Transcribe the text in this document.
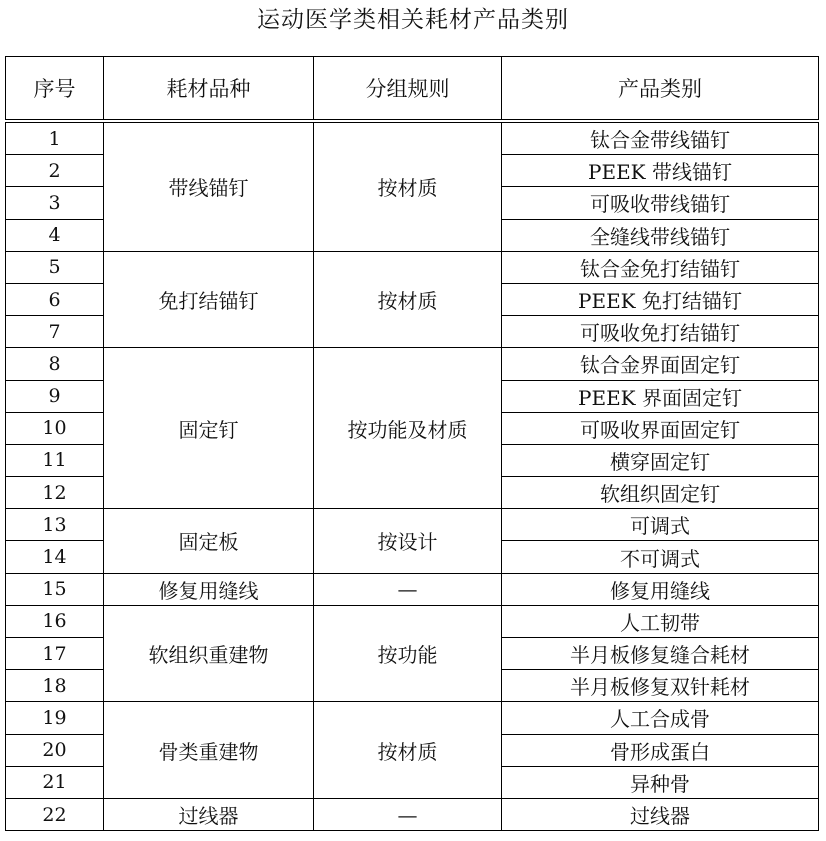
运动医学类相关耗材产品类别
序号	耗材品种	分组规则	产品类别

1	带线锚钉	按材质	钛合金带线锚钉
2			PEEK 带线锚钉
3			可吸收带线锚钉
4			全缝线带线锚钉
5	免打结锚钉	按材质	钛合金免打结锚钉
6			PEEK 免打结锚钉
7			可吸收免打结锚钉
8	固定钉	按功能及材质	钛合金界面固定钉
9			PEEK 界面固定钉
10			可吸收界面固定钉
11			横穿固定钉
12			软组织固定钉
13	固定板	按设计	可调式
14			不可调式
15	修复用缝线	—	修复用缝线
16	软组织重建物	按功能	人工韧带
17			半月板修复缝合耗材
18			半月板修复双针耗材
19	骨类重建物	按材质	人工合成骨
20			骨形成蛋白
21			异种骨
22	过线器	—	过线器
